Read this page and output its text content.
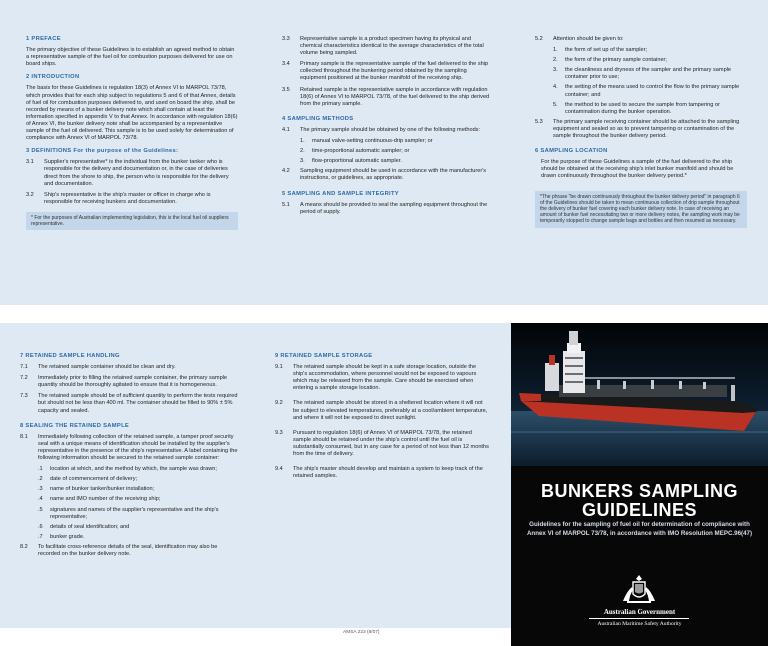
1 PREFACE
The primary objective of these Guidelines is to establish an agreed method to obtain a representative sample of the fuel oil for combustion purposes delivered for use on board ships.
2 INTRODUCTION
The basis for these Guidelines is regulation 18(3) of Annex VI to MARPOL 73/78, which provides that for each ship subject to regulations 5 and 6 of that Annex, details of fuel oil for combustion purposes delivered to, and used on board the ship, shall be recorded by means of a bunker delivery note which shall contain at least the information specified in appendix V to that Annex. In accordance with regulation 18(6) of Annex VI, the bunker delivery note shall be accompanied by a representative sample of the fuel oil delivered. This sample is to be used solely for determination of compliance with Annex VI of MARPOL 73/78.
3 DEFINITIONS For the purpose of the Guidelines:
3.1	Supplier's representative* is the individual from the bunker tanker who is responsible for the delivery and documentation or, in the case of deliveries direct from the shore to ship, the person who is responsible for the delivery and documentation.
3.2	Ship's representative is the ship's master or officer in charge who is responsible for receiving bunkers and documentation.
* For the purposes of Australian implementing legislation, this is the local fuel oil suppliers representative.
3.3	Representative sample is a product specimen having its physical and chemical characteristics identical to the average characteristics of the total volume being sampled.
3.4	Primary sample is the representative sample of the fuel delivered to the ship collected throughout the bunkering period obtained by the sampling equipment positioned at the bunker manifold of the receiving ship.
3.5	Retained sample is the representative sample in accordance with regulation 18(6) of Annex VI to MARPOL 73/78, of the fuel delivered to the ship derived from the primary sample.
4 SAMPLING METHODS
4.1	The primary sample should be obtained by one of the following methods:
1.	manual valve-setting continuous-drip sampler; or
2.	time-proportional automatic sampler; or
3.	flow-proportional automatic sampler.
4.2	Sampling equipment should be used in accordance with the manufacturer's instructions, or guidelines, as appropriate.
5 SAMPLING AND SAMPLE INTEGRITY
5.1	A means should be provided to seal the sampling equipment throughout the period of supply.
5.2	Attention should be given to:
1.	the form of set up of the sampler;
2.	the form of the primary sample container;
3.	the cleanliness and dryness of the sampler and the primary sample container prior to use;
4.	the setting of the means used to control the flow to the primary sample container; and
5.	the method to be used to secure the sample from tampering or contamination during the bunker operation.
5.3	The primary sample receiving container should be attached to the sampling equipment and sealed so as to prevent tampering or contamination of the sample throughout the bunker delivery period.
6 SAMPLING LOCATION
For the purpose of these Guidelines a sample of the fuel delivered to the ship should be obtained at the receiving ship's inlet bunker manifold and should be drawn continuously throughout the bunker delivery period.*
*The phrase "be drawn continuously throughout the bunker delivery period" in paragraph 6 of the Guidelines should be taken to mean continuous collection of drip sample throughout the delivery of bunker fuel covering each bunker delivery note. In case of receiving an amount of bunker fuel necessitating two or more delivery notes, the sampling work may be temporarily stopped to change sample bags and bottles and then resumed as necessary.
7 RETAINED SAMPLE HANDLING
7.1	The retained sample container should be clean and dry.
7.2	Immediately prior to filling the retained sample container, the primary sample quantity should be thoroughly agitated to ensure that it is homogeneous.
7.3	The retained sample should be of sufficient quantity to perform the tests required but should not be less than 400 ml. The container should be filled to 90% ± 5% capacity and sealed.
8 SEALING THE RETAINED SAMPLE
8.1	Immediately following collection of the retained sample, a tamper proof security seal with a unique means of identification should be installed by the supplier's representative in the presence of the ship's representative. A label containing the following information should be secured to the retained sample container:
.1	location at which, and the method by which, the sample was drawn;
.2	date of commencement of delivery;
.3	name of bunker tanker/bunker installation;
.4	name and IMO number of the receiving ship;
.5	signatures and names of the supplier's representative and the ship's representative;
.6	details of seal identification; and
.7	bunker grade.
8.2	To facilitate cross-reference details of the seal, identification may also be recorded on the bunker delivery note.
9 RETAINED SAMPLE STORAGE
9.1	The retained sample should be kept in a safe storage location, outside the ship's accommodation, where personnel would not be exposed to vapours which may be released from the sample. Care should be exercised when entering a sample storage location.
9.2	The retained sample should be stored in a sheltered location where it will not be subject to elevated temperatures, preferably at a cool/ambient temperature, and where it will not be exposed to direct sunlight.
9.3	Pursuant to regulation 18(6) of Annex VI of MARPOL 73/78, the retained sample should be retained under the ship's control until the fuel oil is substantially consumed, but in any case for a period of not less than 12 months from the time of delivery.
9.4	The ship's master should develop and maintain a system to keep track of the retained samples.
AMSA 223 (8/07)
BUNKERS SAMPLING
GUIDELINES
Guidelines for the sampling of fuel oil for determination of compliance with Annex VI of MARPOL 73/78, in accordance with IMO Resolution MEPC.96(47)
Australian Government
Australian Maritime Safety Authority
